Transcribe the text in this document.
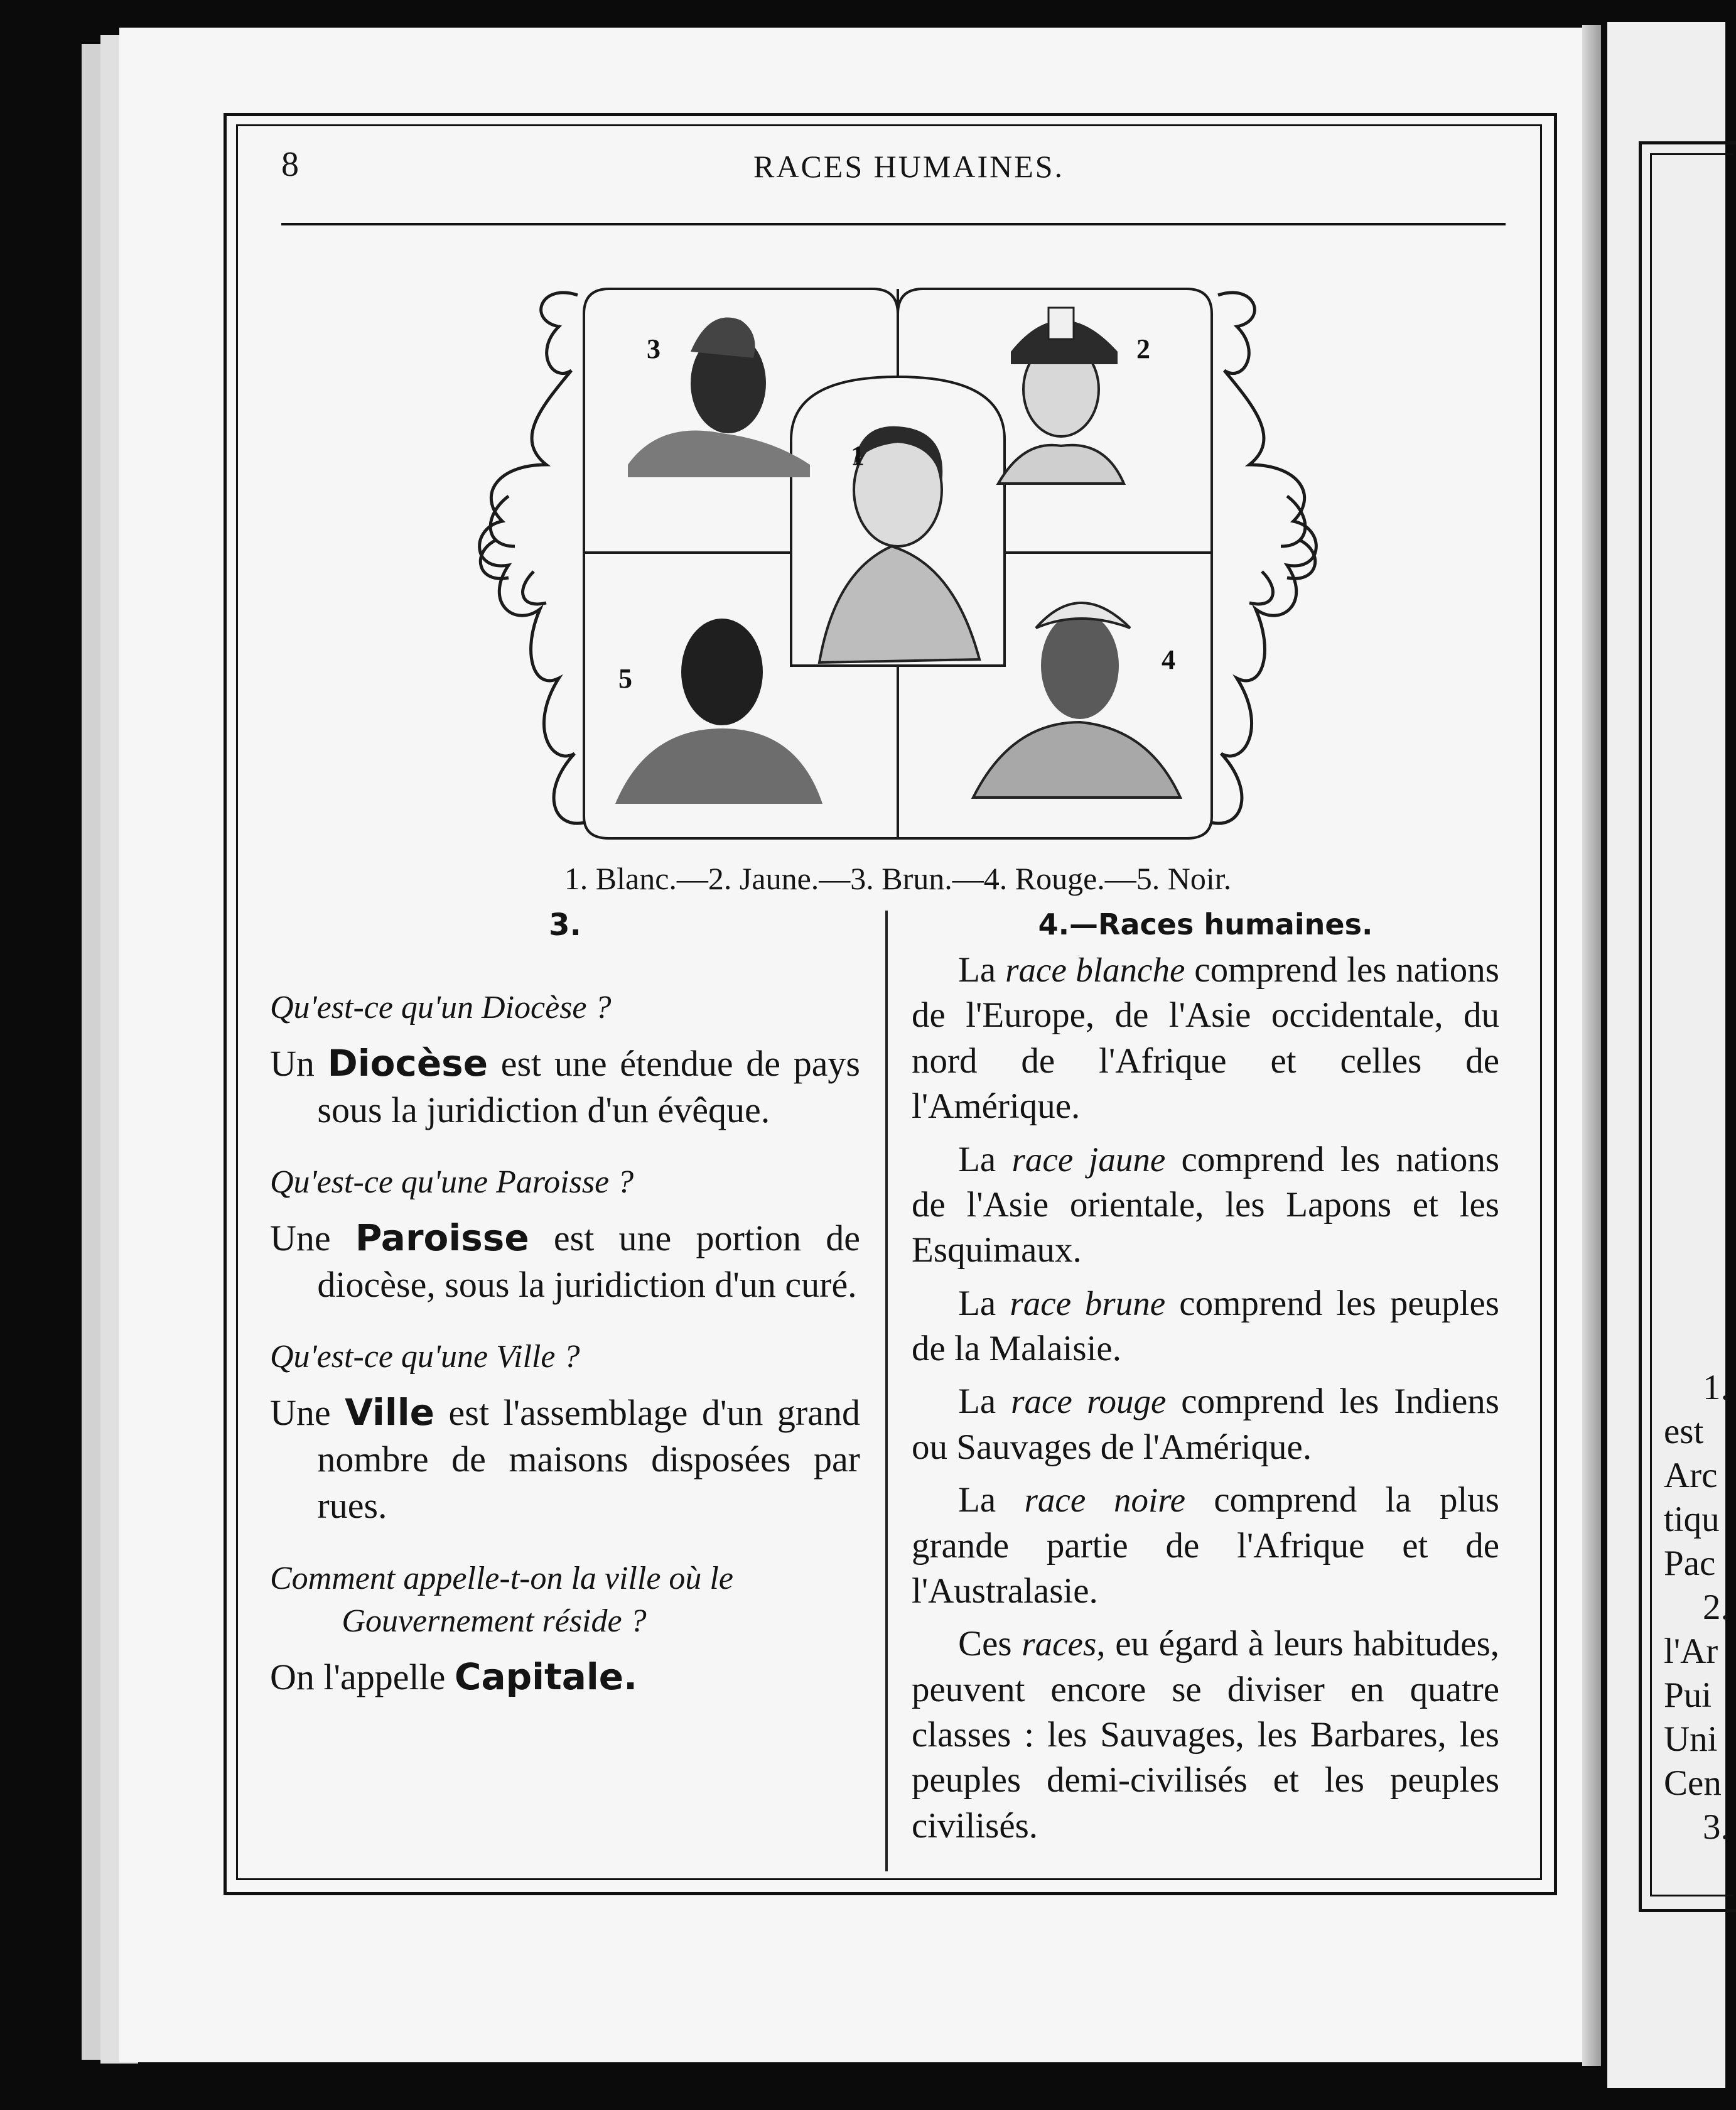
8	RACES HUMAINES.
1
2
3
4
5
1. Blanc.—2. Jaune.—3. Brun.—4. Rouge.—5. Noir.
3.
Qu'est-ce qu'un Diocèse ?
Un Diocèse est une étendue de pays sous la juridiction d'un évêque.
Qu'est-ce qu'une Paroisse ?
Une Paroisse est une portion de diocèse, sous la juridiction d'un curé.
Qu'est-ce qu'une Ville ?
Une Ville est l'assemblage d'un grand nombre de maisons disposées par rues.
Comment appelle-t-on la ville où le Gouvernement réside ?
On l'appelle Capitale.
4.—Races humaines.

La race blanche comprend les nations de l'Europe, de l'Asie occidentale, du nord de l'Afrique et celles de l'Amérique.

La race jaune comprend les nations de l'Asie orientale, les Lapons et les Esquimaux.

La race brune comprend les peuples de la Malaisie.

La race rouge comprend les Indiens ou Sauvages de l'Amérique.

La race noire comprend la plus grande partie de l'Afrique et de l'Australasie.

Ces races, eu égard à leurs habitudes, peuvent encore se diviser en quatre classes : les Sauvages, les Barbares, les peuples demi-civilisés et les peuples civilisés.

1.
est
Arc
tiqu
Pac
2.
l'Ar
Pui
Uni
Cen
3.
